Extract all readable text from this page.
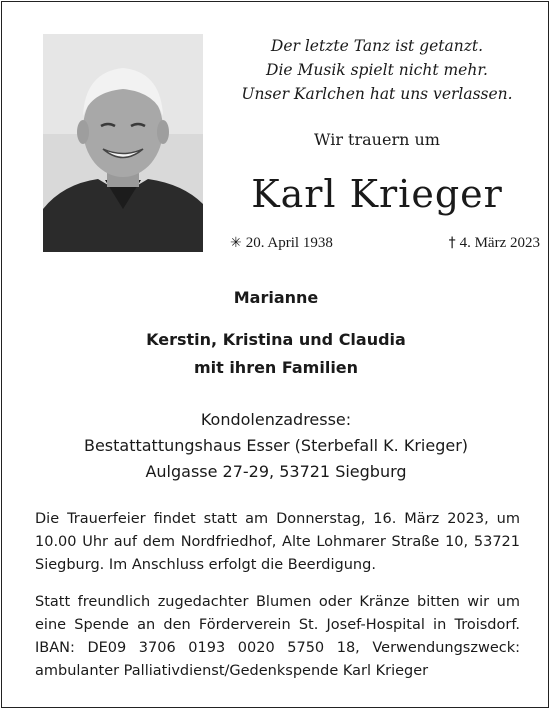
Der letzte Tanz ist getanzt.
Die Musik spielt nicht mehr.
Unser Karlchen hat uns verlassen.
Wir trauern um
Karl Krieger
✳ 20. April 1938	† 4. März 2023
Marianne
Kerstin, Kristina und Claudia
mit ihren Familien
Kondolenzadresse:
Bestattattungshaus Esser (Sterbefall K. Krieger)
Aulgasse 27-29, 53721 Siegburg
Die Trauerfeier findet statt am Donnerstag, 16. März 2023, um 10.00 Uhr auf dem Nordfriedhof, Alte Lohmarer Straße 10, 53721 Siegburg. Im Anschluss erfolgt die Beerdigung.
Statt freundlich zugedachter Blumen oder Kränze bitten wir um eine Spende an den Förderverein St. Josef-Hospital in Troisdorf. IBAN: DE09 3706 0193 0020 5750 18, Verwendungszweck: ambulanter Palliativdienst/Gedenkspende Karl Krieger
